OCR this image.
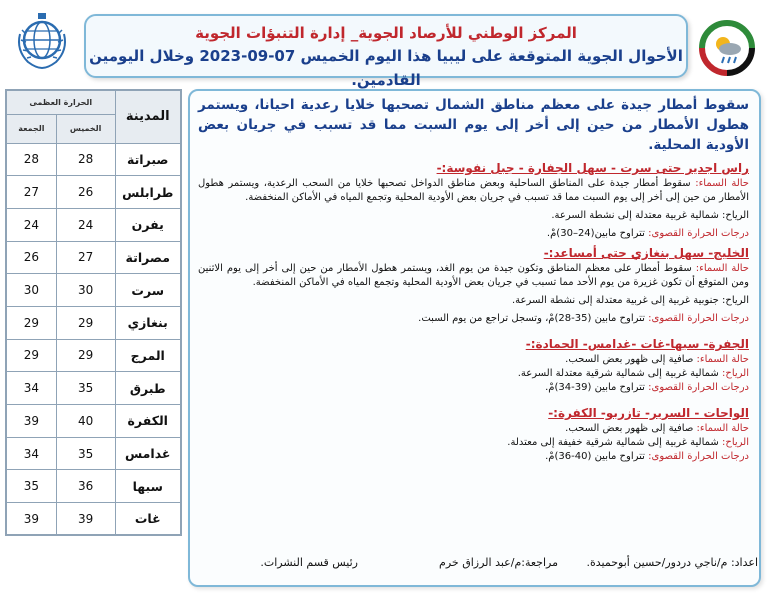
المركز الوطني للأرصاد الجوية_ إدارة التنبؤات الجوية
الأحوال الجوية المتوقعة على ليبيا هذا اليوم الخميس 07-09-2023 وخلال اليومين القادمين.
سقوط أمطار جيدة على معظم مناطق الشمال تصحبها خلايا رعدية احيانا، ويستمر هطول الأمطار من حين إلى أخر إلى يوم السبت مما قد تسبب في جريان بعض الأودية المحلية.
راس اجدير حتى سرت - سهل الجفارة - جبل نفوسة:-
حالة السماء: سقوط أمطار جيدة على المناطق الساحلية وبعض مناطق الدواخل تصحبها خلايا من السحب الرعدية، ويستمر هطول الأمطار من حين إلى أخر إلى يوم السبت مما قد تسبب في جريان بعض الأودية المحلية وتجمع المياه في الأماكن المنخفضة.
الرياح: شمالية غربية معتدلة إلى نشطة السرعة.
درجات الحرارة القصوى: تتراوح مابين(24–30)مْ.
الخليج- سهل بنغازي حتى أمساعد:-
حالة السماء: سقوط أمطار على معظم المناطق وتكون جيدة من يوم الغد، ويستمر هطول الأمطار من حين إلى أخر إلى يوم الاثنين ومن المتوقع أن تكون غزيرة من يوم الأحد مما تسبب في جريان بعض الأودية المحلية وتجمع المياه في الأماكن المنخفضة.
الرياح: جنوبية غربية إلى غربية معتدلة إلى نشطة السرعة.
درجات الحرارة القصوى: تتراوح مابين (35-28)مْ، وتسجل تراجع من يوم السبت.
الجفرة- سبها-غات -غدامس- الحمادة:-
حالة السماء: صافية إلى ظهور بعض السحب.
الرياح: شمالية غربية إلى شمالية شرقية معتدلة السرعة.
درجات الحرارة القصوى: تتراوح مابين (39-34)مْ.
الواحات - السرير- تازربو- الكفرة:-
حالة السماء: صافية إلى ظهور بعض السحب.
الرياح: شمالية غربية إلى شمالية شرقية خفيفة إلى معتدلة.
درجات الحرارة القصوى: تتراوح مابين (40-36)مْ.
اعداد: م/ناجي دردور/حسين أبوحميدة.
مراجعة:م/عبد الرزاق خرم
رئيس قسم النشرات.
المدينة	الحرارة العظمى	
	الخميس	الجمعة
صبراتة	28	28
طرابلس	26	27
يفرن	24	24
مصراتة	27	26
سرت	30	30
بنغازي	29	29
المرج	29	29
طبرق	35	34
الكفرة	40	39
غدامس	35	34
سبها	36	35
غات	39	39
